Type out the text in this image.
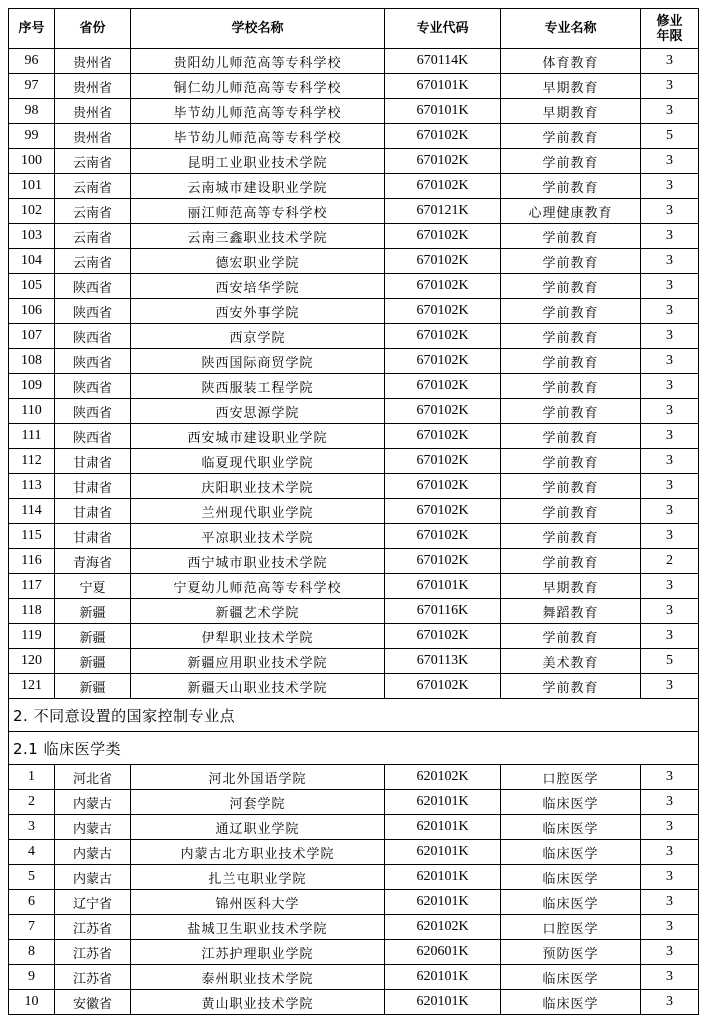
序号	省份	学校名称	专业代码	专业名称	修业
年限
96	贵州省	贵阳幼儿师范高等专科学校	670114K	体育教育	3
97	贵州省	铜仁幼儿师范高等专科学校	670101K	早期教育	3
98	贵州省	毕节幼儿师范高等专科学校	670101K	早期教育	3
99	贵州省	毕节幼儿师范高等专科学校	670102K	学前教育	5
100	云南省	昆明工业职业技术学院	670102K	学前教育	3
101	云南省	云南城市建设职业学院	670102K	学前教育	3
102	云南省	丽江师范高等专科学校	670121K	心理健康教育	3
103	云南省	云南三鑫职业技术学院	670102K	学前教育	3
104	云南省	德宏职业学院	670102K	学前教育	3
105	陕西省	西安培华学院	670102K	学前教育	3
106	陕西省	西安外事学院	670102K	学前教育	3
107	陕西省	西京学院	670102K	学前教育	3
108	陕西省	陕西国际商贸学院	670102K	学前教育	3
109	陕西省	陕西服装工程学院	670102K	学前教育	3
110	陕西省	西安思源学院	670102K	学前教育	3
111	陕西省	西安城市建设职业学院	670102K	学前教育	3
112	甘肃省	临夏现代职业学院	670102K	学前教育	3
113	甘肃省	庆阳职业技术学院	670102K	学前教育	3
114	甘肃省	兰州现代职业学院	670102K	学前教育	3
115	甘肃省	平凉职业技术学院	670102K	学前教育	3
116	青海省	西宁城市职业技术学院	670102K	学前教育	2
117	宁夏	宁夏幼儿师范高等专科学校	670101K	早期教育	3
118	新疆	新疆艺术学院	670116K	舞蹈教育	3
119	新疆	伊犁职业技术学院	670102K	学前教育	3
120	新疆	新疆应用职业技术学院	670113K	美术教育	5
121	新疆	新疆天山职业技术学院	670102K	学前教育	3
2. 不同意设置的国家控制专业点					
2.1 临床医学类					
1	河北省	河北外国语学院	620102K	口腔医学	3
2	内蒙古	河套学院	620101K	临床医学	3
3	内蒙古	通辽职业学院	620101K	临床医学	3
4	内蒙古	内蒙古北方职业技术学院	620101K	临床医学	3
5	内蒙古	扎兰屯职业学院	620101K	临床医学	3
6	辽宁省	锦州医科大学	620101K	临床医学	3
7	江苏省	盐城卫生职业技术学院	620102K	口腔医学	3
8	江苏省	江苏护理职业学院	620601K	预防医学	3
9	江苏省	泰州职业技术学院	620101K	临床医学	3
10	安徽省	黄山职业技术学院	620101K	临床医学	3
